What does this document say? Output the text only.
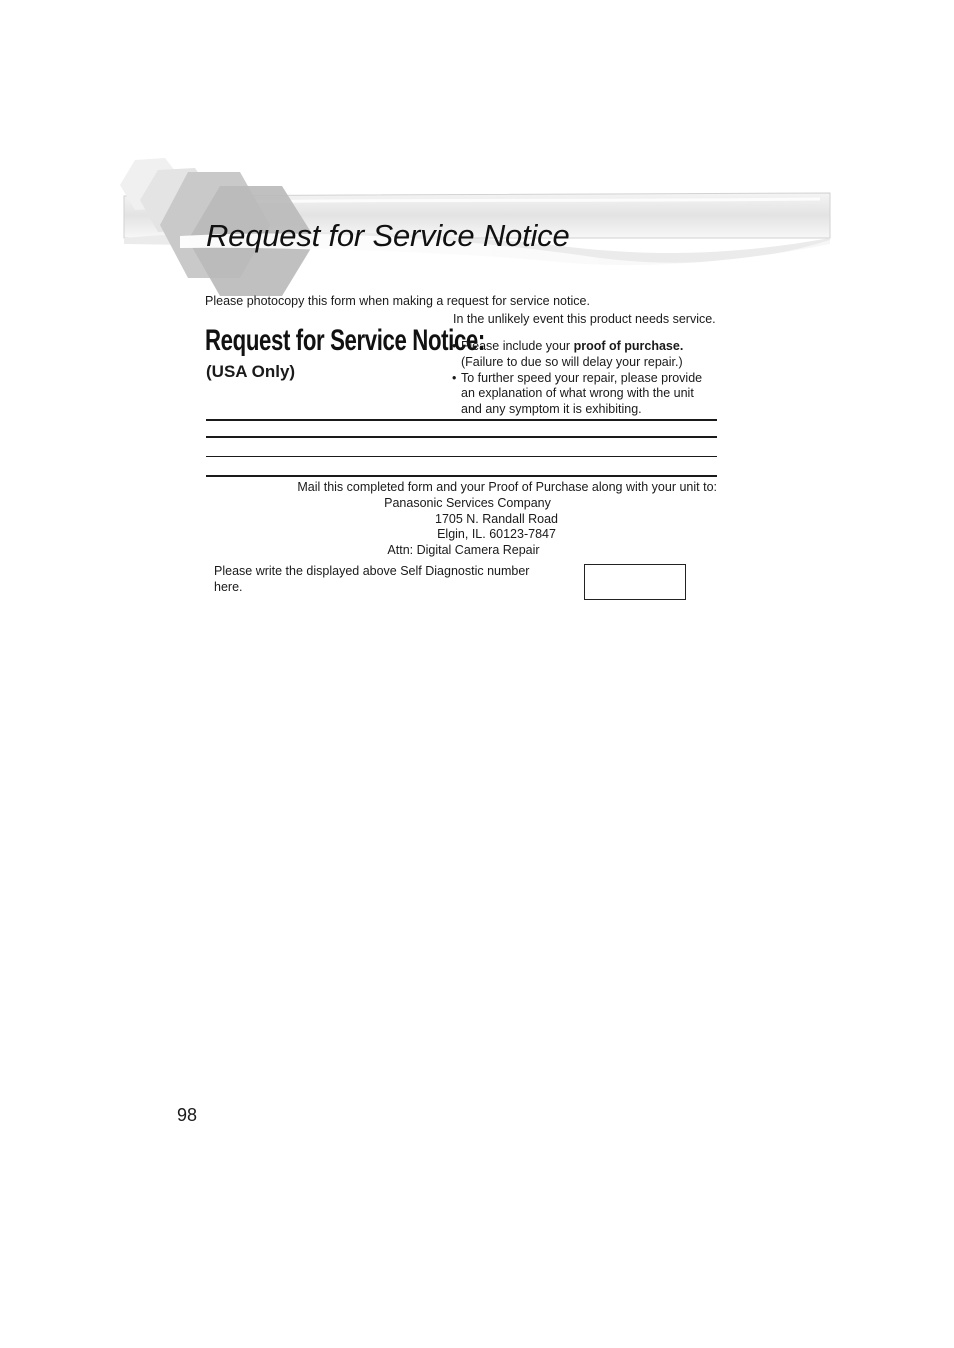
Request for Service Notice
Please photocopy this form when making a request for service notice.
In the unlikely event this product needs service.
Request for Service Notice:
(USA Only)
• Please include your proof of purchase.
(Failure to due so will delay your repair.)
• To further speed your repair, please provide
an explanation of what wrong with the unit
and any symptom it is exhibiting.
Mail this completed form and your Proof of Purchase along with your unit to:
Panasonic Services Company
1705 N. Randall Road
Elgin, IL. 60123-7847
Attn: Digital Camera Repair
Please write the displayed above Self Diagnostic number
here.
98
